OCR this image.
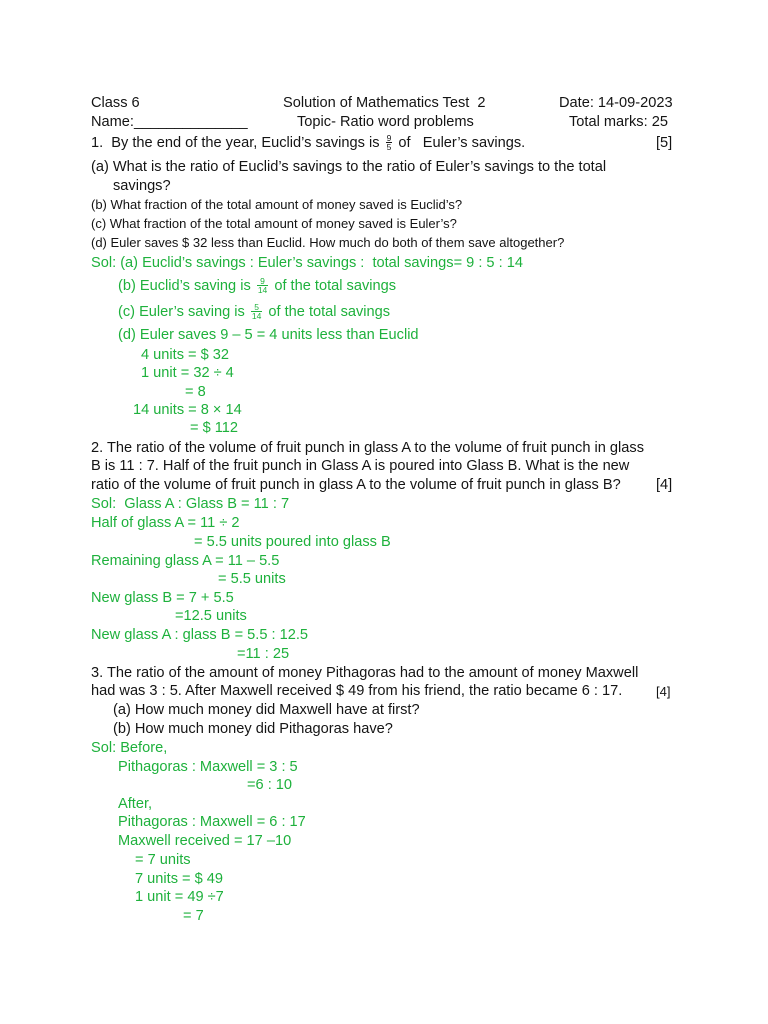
Class 6	Solution of Mathematics Test  2	Date: 14-09-2023
Name:______________	Topic- Ratio word problems	Total marks: 25
1.  By the end of the year, Euclid’s savings is $\frac{9}{5}$ of   Euler’s savings.	[5]
(a) What is the ratio of Euclid’s savings to the ratio of Euler’s savings to the total
savings?
(b) What fraction of the total amount of money saved is Euclid’s?
(c) What fraction of the total amount of money saved is Euler’s?
(d) Euler saves $ 32 less than Euclid. How much do both of them save altogether?
Sol: (a) Euclid’s savings : Euler’s savings :  total savings= 9 : 5 : 14
(b) Euclid’s saving is $\frac{9}{14}$ of the total savings
(c) Euler’s saving is $\frac{5}{14}$ of the total savings
(d) Euler saves 9 – 5 = 4 units less than Euclid
4 units = $ 32
1 unit = 32 ÷ 4
= 8
14 units = 8 × 14
= $ 112
2. The ratio of the volume of fruit punch in glass A to the volume of fruit punch in glass
B is 11 : 7. Half of the fruit punch in Glass A is poured into Glass B. What is the new
ratio of the volume of fruit punch in glass A to the volume of fruit punch in glass B? [4]
Sol:  Glass A : Glass B = 11 : 7
Half of glass A = 11 ÷ 2
= 5.5 units poured into glass B
Remaining glass A = 11 – 5.5
= 5.5 units
New glass B = 7 + 5.5
=12.5 units
New glass A : glass B = 5.5 : 12.5
=11 : 25
3. The ratio of the amount of money Pithagoras had to the amount of money Maxwell
had was 3 : 5. After Maxwell received $ 49 from his friend, the ratio became 6 : 17.	[4]
(a) How much money did Maxwell have at first?
(b) How much money did Pithagoras have?
Sol: Before,
Pithagoras : Maxwell = 3 : 5
=6 : 10
After,
Pithagoras : Maxwell = 6 : 17
Maxwell received = 17 –10
= 7 units
7 units = $ 49
1 unit = 49 ÷7
= 7
